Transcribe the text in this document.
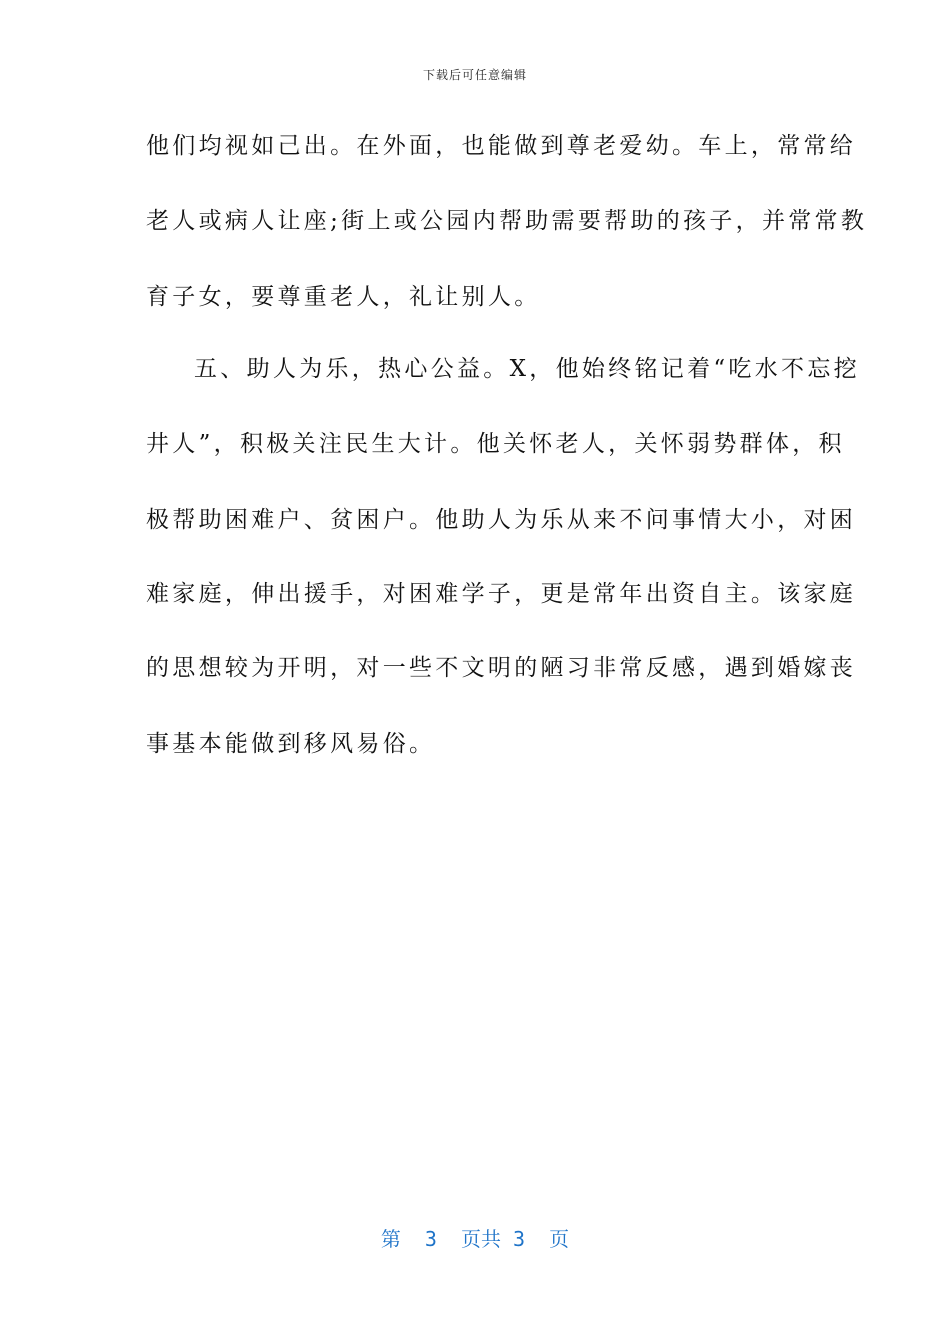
下载后可任意编辑
他们均视如己出。在外面，也能做到尊老爱幼。车上，常常给
老人或病人让座;街上或公园内帮助需要帮助的孩子，并常常教
育子女，要尊重老人，礼让别人。
五、助人为乐，热心公益。X，他始终铭记着“吃水不忘挖
井人”，积极关注民生大计。他关怀老人，关怀弱势群体，积
极帮助困难户、贫困户。他助人为乐从来不问事情大小，对困
难家庭，伸出援手，对困难学子，更是常年出资自主。该家庭
的思想较为开明，对一些不文明的陋习非常反感，遇到婚嫁丧
事基本能做到移风易俗。
第  3  页共 3  页
